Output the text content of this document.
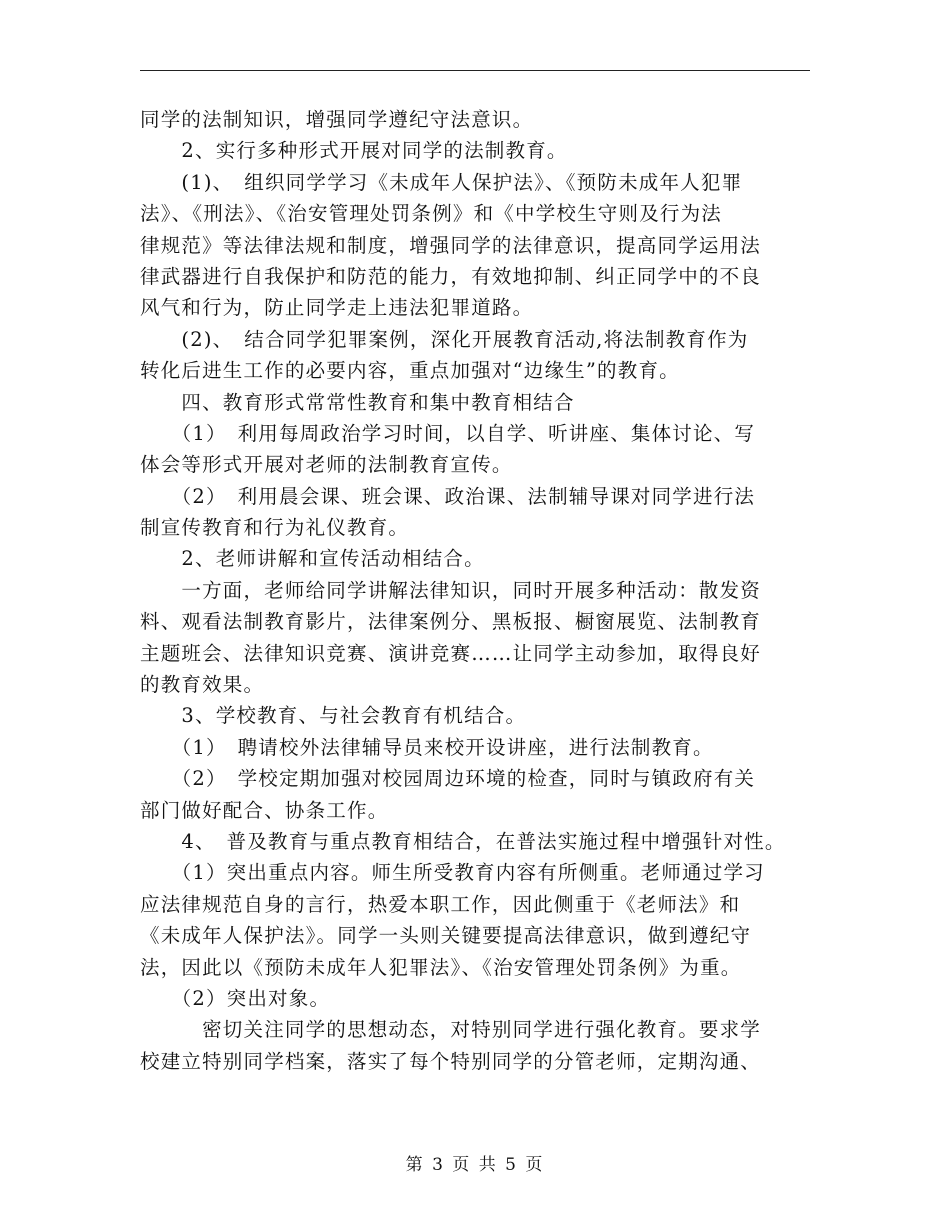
同学的法制知识，增强同学遵纪守法意识。
　　2、实行多种形式开展对同学的法制教育。
　　(1)、　组织同学学习《未成年人保护法》、《预防未成年人犯罪
法》、《刑法》、《治安管理处罚条例》和《中学校生守则及行为法
律规范》等法律法规和制度，增强同学的法律意识，提高同学运用法
律武器进行自我保护和防范的能力，有效地抑制、纠正同学中的不良
风气和行为，防止同学走上违法犯罪道路。
　　(2)、　结合同学犯罪案例，深化开展教育活动,将法制教育作为
转化后进生工作的必要内容，重点加强对“边缘生”的教育。
　　四、教育形式常常性教育和集中教育相结合
　　（1）　利用每周政治学习时间，以自学、听讲座、集体讨论、写
体会等形式开展对老师的法制教育宣传。
　　（2）　利用晨会课、班会课、政治课、法制辅导课对同学进行法
制宣传教育和行为礼仪教育。
　　2、老师讲解和宣传活动相结合。
　　一方面，老师给同学讲解法律知识，同时开展多种活动：散发资
料、观看法制教育影片，法律案例分、黑板报、橱窗展览、法制教育
主题班会、法律知识竞赛、演讲竞赛……让同学主动参加，取得良好
的教育效果。
　　3、学校教育、与社会教育有机结合。
　　（1）　聘请校外法律辅导员来校开设讲座，进行法制教育。
　　（2）　学校定期加强对校园周边环境的检查，同时与镇政府有关
部门做好配合、协条工作。
　　4、　普及教育与重点教育相结合，在普法实施过程中增强针对性。
　　（1）突出重点内容。师生所受教育内容有所侧重。老师通过学习
应法律规范自身的言行，热爱本职工作，因此侧重于《老师法》和
《未成年人保护法》。同学一头则关键要提高法律意识，做到遵纪守
法，因此以《预防未成年人犯罪法》、《治安管理处罚条例》为重。
　　（2）突出对象。
　　　密切关注同学的思想动态，对特别同学进行强化教育。要求学
校建立特别同学档案，落实了每个特别同学的分管老师，定期沟通、
第 3 页 共 5 页
